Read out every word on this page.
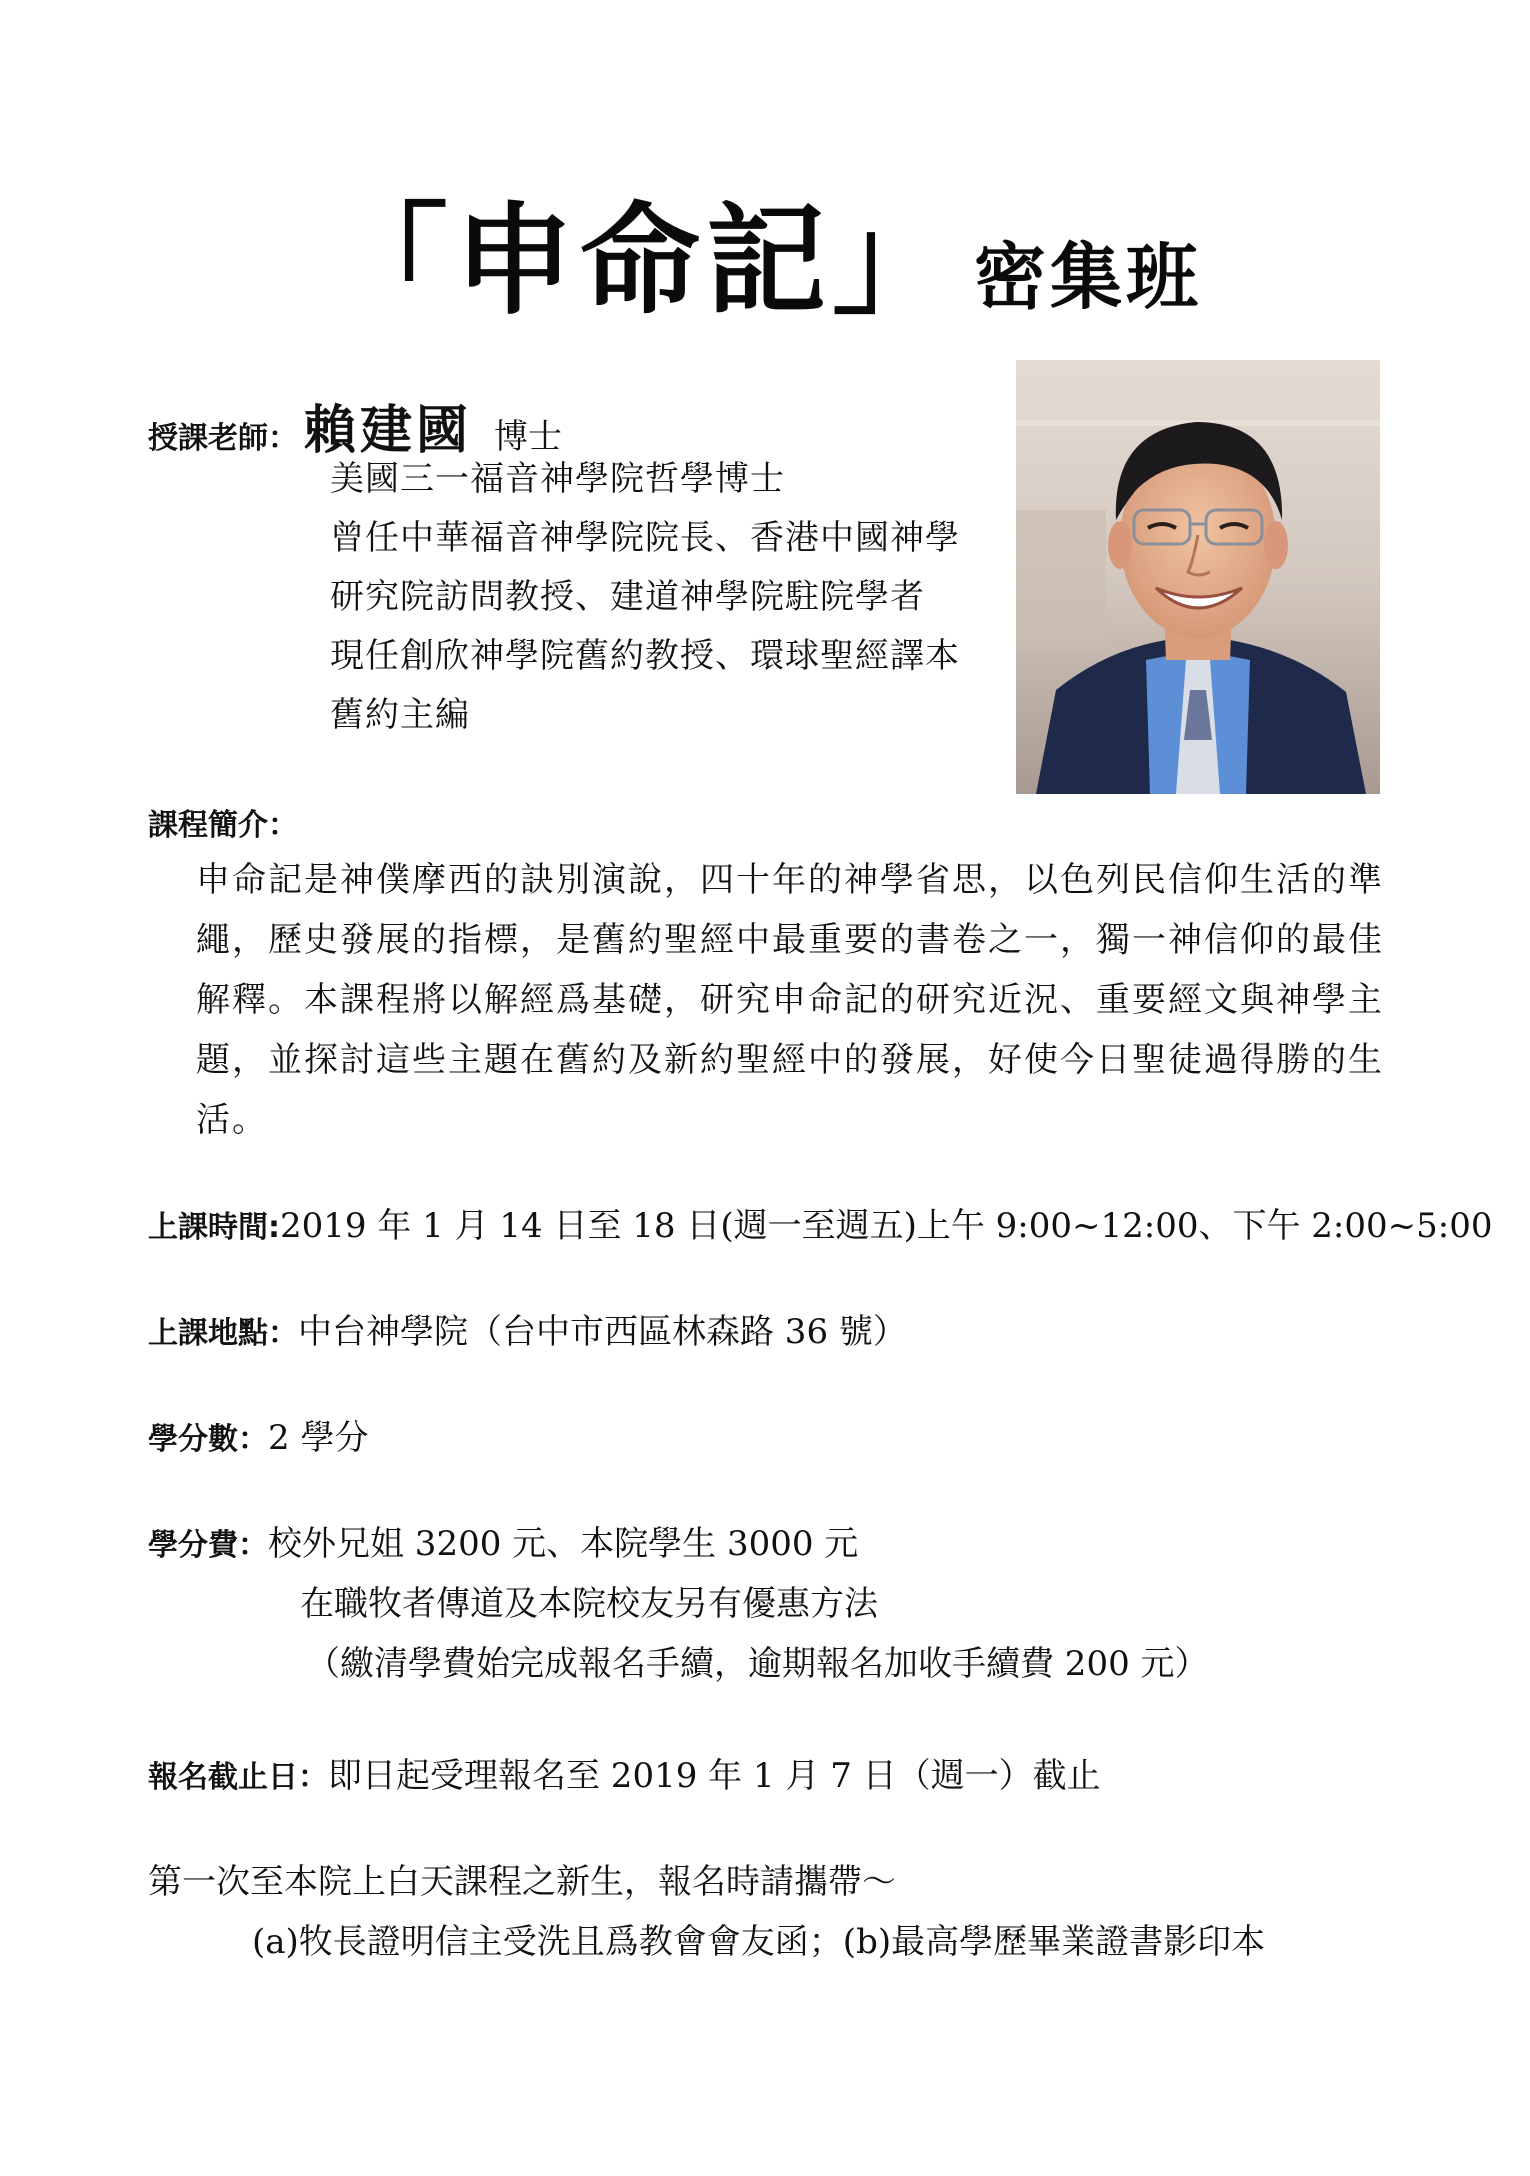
「申命記」 密集班
授課老師： 賴建國 博士
美國三一福音神學院哲學博士
曾任中華福音神學院院長、香港中國神學
研究院訪問教授、建道神學院駐院學者
現任創欣神學院舊約教授、環球聖經譯本
舊約主編
課程簡介：
申命記是神僕摩西的訣別演說，四十年的神學省思，以色列民信仰生活的準
繩，歷史發展的指標，是舊約聖經中最重要的書卷之一，獨一神信仰的最佳
解釋。本課程將以解經爲基礎，研究申命記的研究近況、重要經文與神學主
題，並探討這些主題在舊約及新約聖經中的發展，好使今日聖徒過得勝的生
活。
上課時間:2019 年 1 月 14 日至 18 日(週一至週五)上午 9:00~12:00、下午 2:00~5:00
上課地點：中台神學院（台中市西區林森路 36 號）
學分數：2 學分
學分費：校外兄姐 3200 元、本院學生 3000 元
在職牧者傳道及本院校友另有優惠方法
（繳清學費始完成報名手續，逾期報名加收手續費 200 元）
報名截止日：即日起受理報名至 2019 年 1 月 7 日（週一）截止
第一次至本院上白天課程之新生，報名時請攜帶～
(a)牧長證明信主受洗且爲教會會友函；(b)最高學歷畢業證書影印本
